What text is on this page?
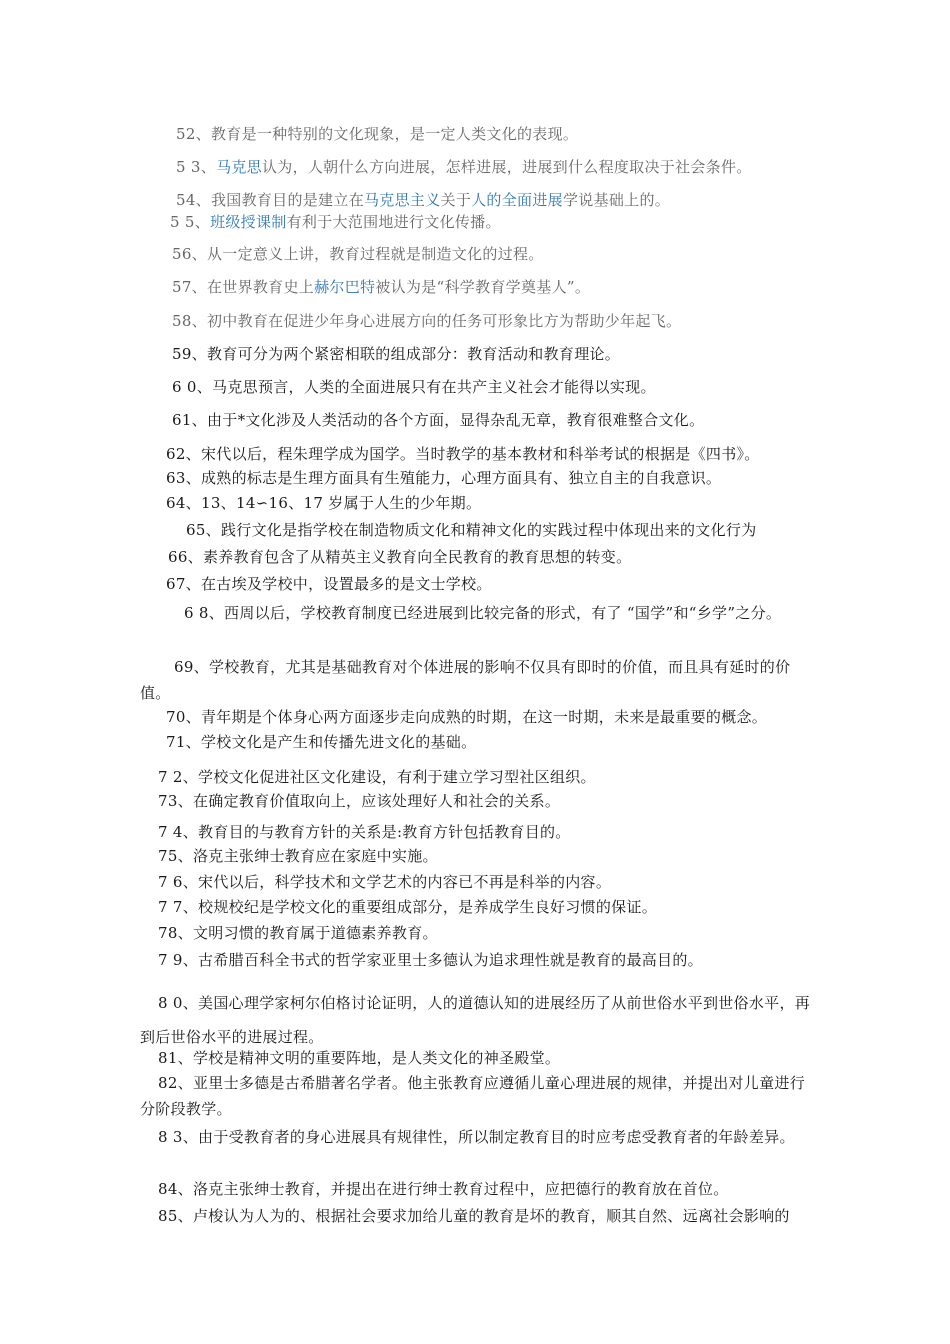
52、教育是一种特别的文化现象，是一定人类文化的表现。

5 3、马克思认为，人朝什么方向进展，怎样进展，进展到什么程度取决于社会条件。

54、我国教育目的是建立在马克思主义关于人的全面进展学说基础上的。

5 5、班级授课制有利于大范围地进行文化传播。

56、从一定意义上讲，教育过程就是制造文化的过程。

57、在世界教育史上赫尔巴特被认为是“科学教育学奠基人”。

58、初中教育在促进少年身心进展方向的任务可形象比方为帮助少年起飞。

59、教育可分为两个紧密相联的组成部分：教育活动和教育理论。

6 0、马克思预言，人类的全面进展只有在共产主义社会才能得以实现。

61、由于*文化涉及人类活动的各个方面，显得杂乱无章，教育很难整合文化。

62、宋代以后，程朱理学成为国学。当时教学的基本教材和科举考试的根据是《四书》。

63、成熟的标志是生理方面具有生殖能力，心理方面具有、独立自主的自我意识。

64、13、14∽16、17 岁属于人生的少年期。

65、践行文化是指学校在制造物质文化和精神文化的实践过程中体现出来的文化行为

66、素养教育包含了从精英主义教育向全民教育的教育思想的转变。

67、在古埃及学校中，设置最多的是文士学校。

6 8、西周以后，学校教育制度已经进展到比较完备的形式，有了 “国学”和“乡学”之分。

69、学校教育，尤其是基础教育对个体进展的影响不仅具有即时的价值，而且具有延时的价值。

70、青年期是个体身心两方面逐步走向成熟的时期，在这一时期，未来是最重要的概念。

71、学校文化是产生和传播先进文化的基础。

7 2、学校文化促进社区文化建设，有利于建立学习型社区组织。

73、在确定教育价值取向上，应该处理好人和社会的关系。

7 4、教育目的与教育方针的关系是:教育方针包括教育目的。

75、洛克主张绅士教育应在家庭中实施。

7 6、宋代以后，科学技术和文学艺术的内容已不再是科举的内容。

7 7、校规校纪是学校文化的重要组成部分，是养成学生良好习惯的保证。

78、文明习惯的教育属于道德素养教育。

7 9、古希腊百科全书式的哲学家亚里士多德认为追求理性就是教育的最高目的。

8 0、美国心理学家柯尔伯格讨论证明，人的道德认知的进展经历了从前世俗水平到世俗水平，再到后世俗水平的进展过程。

81、学校是精神文明的重要阵地，是人类文化的神圣殿堂。

82、亚里士多德是古希腊著名学者。他主张教育应遵循儿童心理进展的规律，并提出对儿童进行分阶段教学。

8 3、由于受教育者的身心进展具有规律性，所以制定教育目的时应考虑受教育者的年龄差异。

84、洛克主张绅士教育，并提出在进行绅士教育过程中，应把德行的教育放在首位。

85、卢梭认为人为的、根据社会要求加给儿童的教育是坏的教育，顺其自然、远离社会影响的
